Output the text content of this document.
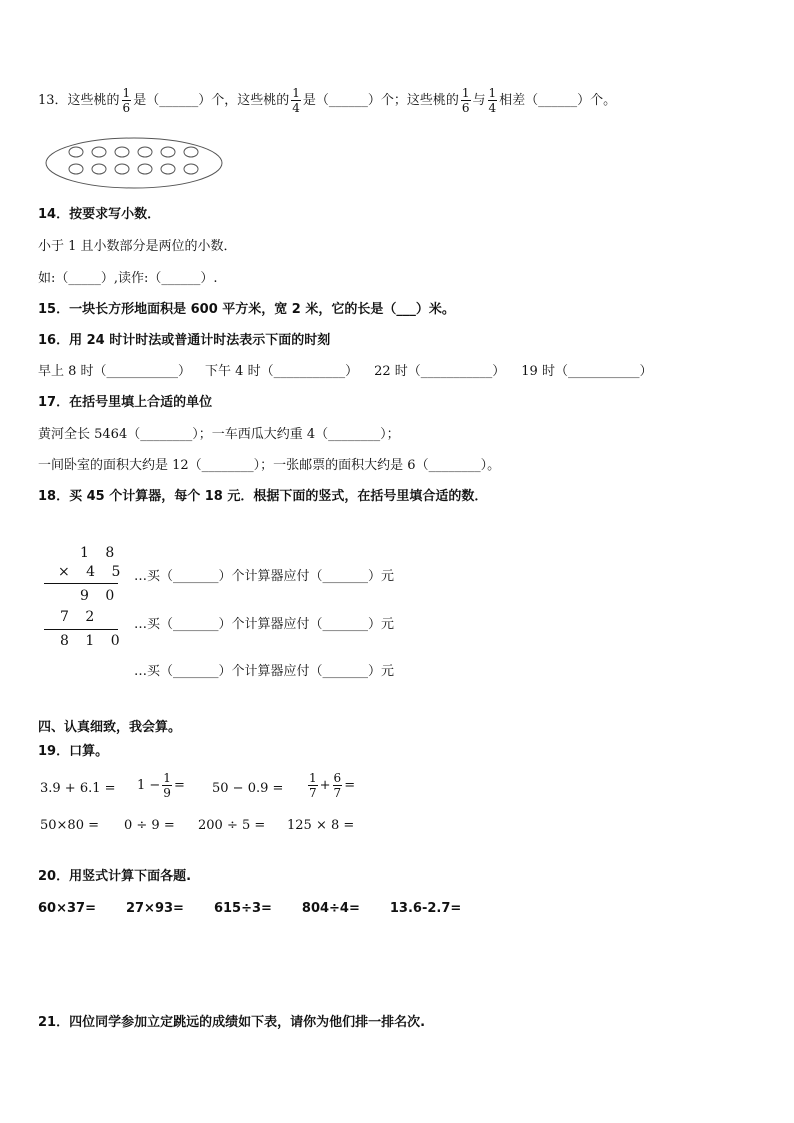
13．这些桃的 $\frac{1}{6}$ 是（______）个，这些桃的 $\frac{1}{4}$ 是（______）个；这些桃的 $\frac{1}{6}$ 与 $\frac{1}{4}$ 相差（______）个。
14．按要求写小数．
小于 1 且小数部分是两位的小数．
如:（_____）,读作:（______）.
15．一块长方形地面积是 600 平方米，宽 2 米，它的长是（___）米。
16．用 24 时计时法或普通计时法表示下面的时刻
早上 8 时（___________） 下午 4 时（___________） 22 时（___________） 19 时（___________）
17．在括号里填上合适的单位
黄河全长 5464（________）；一车西瓜大约重 4（________）；
一间卧室的面积大约是 12（________）；一张邮票的面积大约是 6（________）。
18．买 45 个计算器，每个 18 元．根据下面的竖式，在括号里填合适的数．
1 8
× 4 5
9 0
7 2
8 1 0
…买（_______）个计算器应付（_______）元
…买（_______）个计算器应付（_______）元
…买（_______）个计算器应付（_______）元
四、认真细致，我会算。
19．口算。
$3.9 + 6.1 = 1 - \frac{1}{9} = 50 - 0.9 = \frac{1}{7} + \frac{6}{7}$ =
50×80 = 0 ÷ 9 = 200 ÷ 5 = 125 × 8 =
20．用竖式计算下面各题.
60×37= 27×93= 615÷3= 804÷4= 13.6-2.7=
21．四位同学参加立定跳远的成绩如下表，请你为他们排一排名次.
